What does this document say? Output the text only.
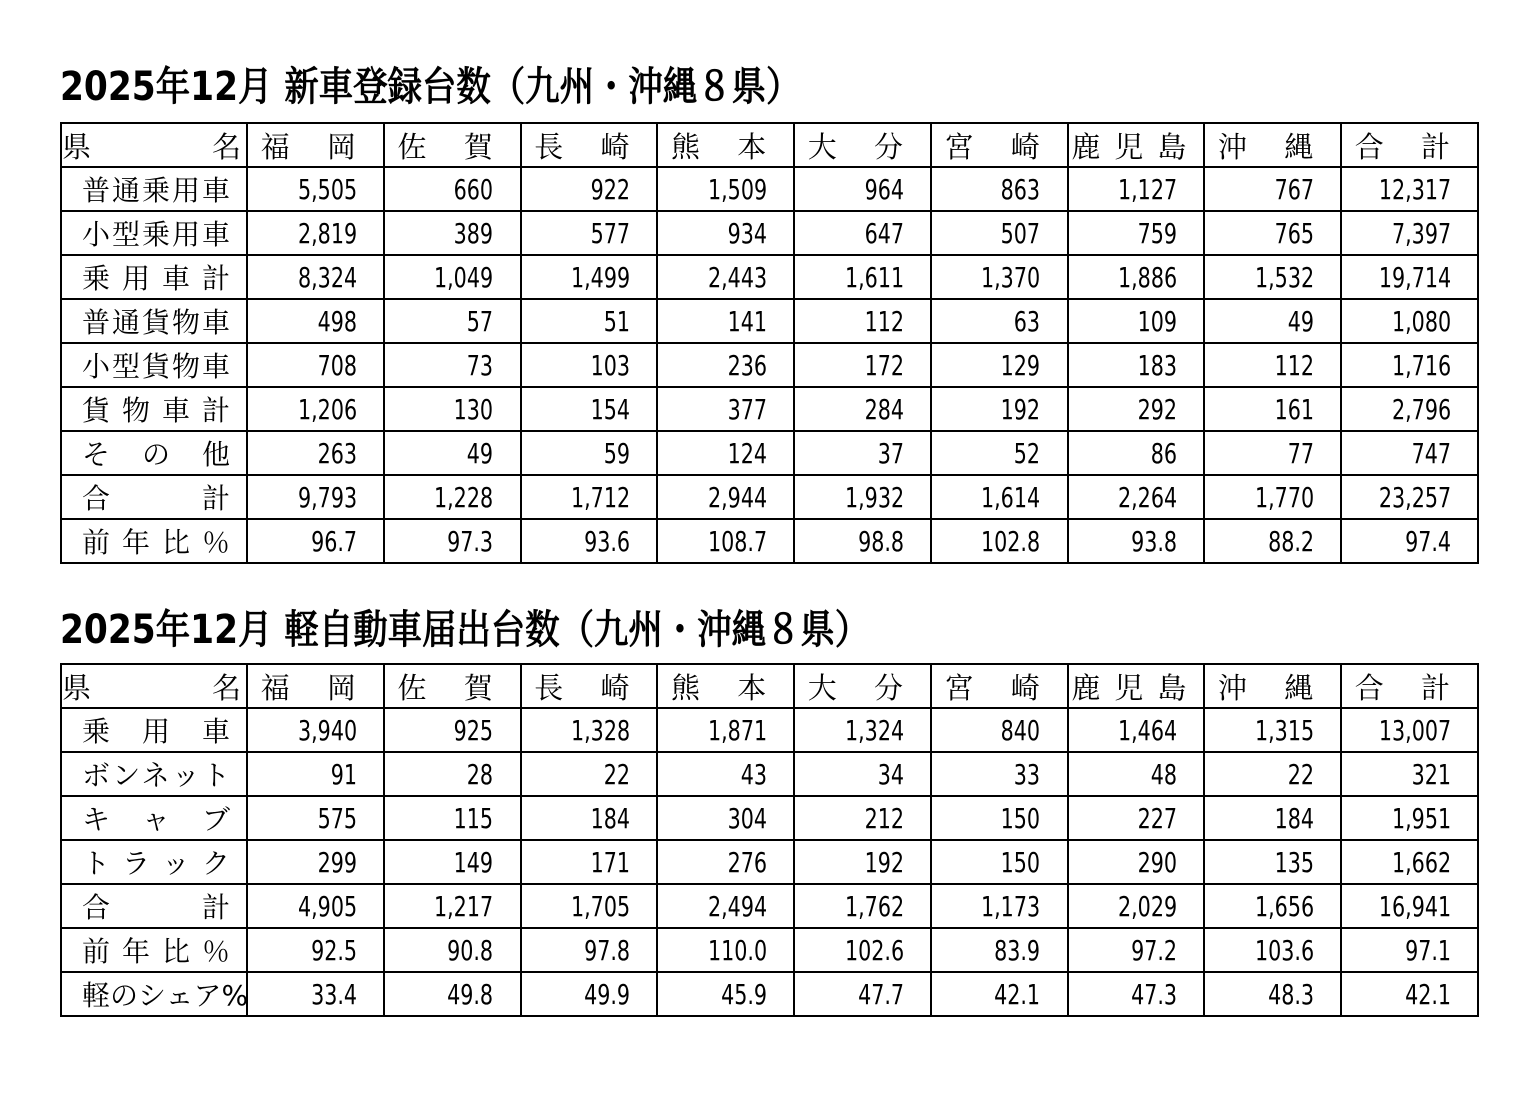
2025年12月 新車登録台数（九州・沖縄８県）
県　名	福 岡	佐 賀	長 崎	熊 本	大 分	宮 崎	鹿児島	沖 縄	合 計
普通乗用車	5,505	660	922	1,509	964	863	1,127	767	12,317
小型乗用車	2,819	389	577	934	647	507	759	765	7,397
乗用車計	8,324	1,049	1,499	2,443	1,611	1,370	1,886	1,532	19,714
普通貨物車	498	57	51	141	112	63	109	49	1,080
小型貨物車	708	73	103	236	172	129	183	112	1,716
貨物車計	1,206	130	154	377	284	192	292	161	2,796
その他	263	49	59	124	37	52	86	77	747
合計	9,793	1,228	1,712	2,944	1,932	1,614	2,264	1,770	23,257
前年比％	96.7	97.3	93.6	108.7	98.8	102.8	93.8	88.2	97.4
2025年12月 軽自動車届出台数（九州・沖縄８県）
県　名	福 岡	佐 賀	長 崎	熊 本	大 分	宮 崎	鹿児島	沖 縄	合 計
乗用車	3,940	925	1,328	1,871	1,324	840	1,464	1,315	13,007
ボンネット	91	28	22	43	34	33	48	22	321
キャブ	575	115	184	304	212	150	227	184	1,951
トラック	299	149	171	276	192	150	290	135	1,662
合計	4,905	1,217	1,705	2,494	1,762	1,173	2,029	1,656	16,941
前年比％	92.5	90.8	97.8	110.0	102.6	83.9	97.2	103.6	97.1
軽のシェア%	33.4	49.8	49.9	45.9	47.7	42.1	47.3	48.3	42.1
